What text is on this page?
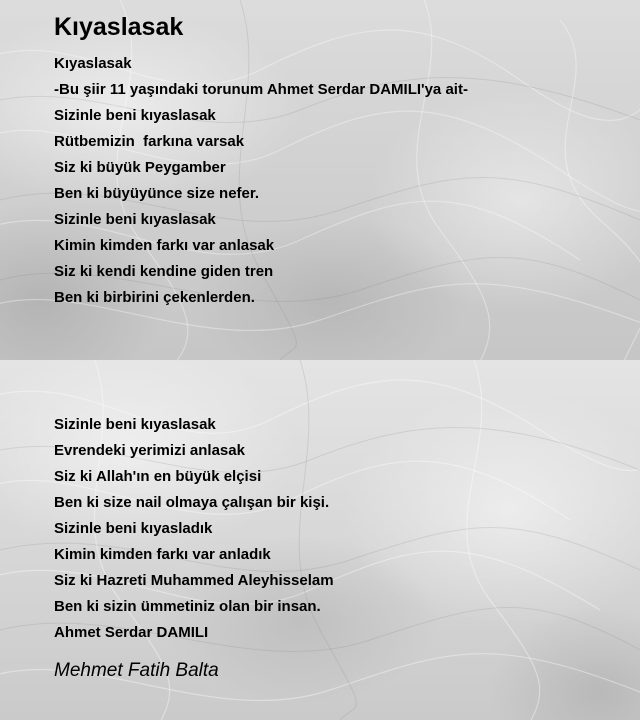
Kıyaslasak
Kıyaslasak
-Bu şiir 11 yaşındaki torunum Ahmet Serdar DAMILI'ya ait-
Sizinle beni kıyaslasak
Rütbemizin  farkına varsak
Siz ki büyük Peygamber
Ben ki büyüyünce size nefer.
Sizinle beni kıyaslasak
Kimin kimden farkı var anlasak
Siz ki kendi kendine giden tren
Ben ki birbirini çekenlerden.
Sizinle beni kıyaslasak
Evrendeki yerimizi anlasak
Siz ki Allah'ın en büyük elçisi
Ben ki size nail olmaya çalışan bir kişi.
Sizinle beni kıyasladık
Kimin kimden farkı var anladık
Siz ki Hazreti Muhammed Aleyhisselam
Ben ki sizin ümmetiniz olan bir insan.
Ahmet Serdar DAMILI

Mehmet Fatih Balta
